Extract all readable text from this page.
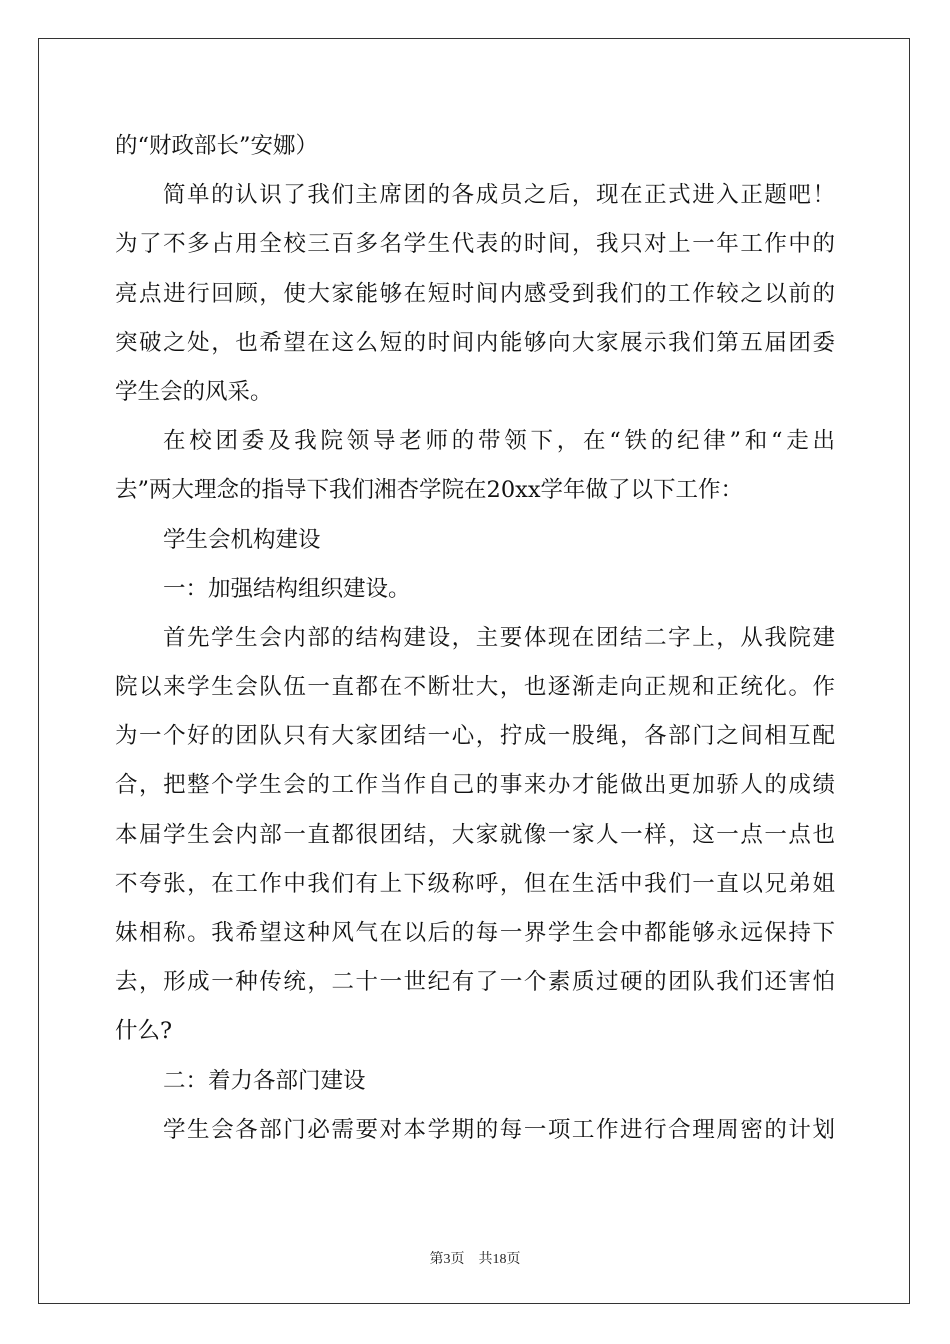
的“财政部长”安娜）
简单的认识了我们主席团的各成员之后，现在正式进入正题吧！
为了不多占用全校三百多名学生代表的时间，我只对上一年工作中的
亮点进行回顾，使大家能够在短时间内感受到我们的工作较之以前的
突破之处，也希望在这么短的时间内能够向大家展示我们第五届团委
学生会的风采。
在校团委及我院领导老师的带领下，在“铁的纪律”和“走出
去”两大理念的指导下我们湘杏学院在20xx学年做了以下工作：
学生会机构建设
一：加强结构组织建设。
首先学生会内部的结构建设，主要体现在团结二字上，从我院建
院以来学生会队伍一直都在不断壮大，也逐渐走向正规和正统化。作
为一个好的团队只有大家团结一心，拧成一股绳，各部门之间相互配
合，把整个学生会的工作当作自己的事来办才能做出更加骄人的成绩
本届学生会内部一直都很团结，大家就像一家人一样，这一点一点也
不夸张，在工作中我们有上下级称呼，但在生活中我们一直以兄弟姐
妹相称。我希望这种风气在以后的每一界学生会中都能够永远保持下
去，形成一种传统，二十一世纪有了一个素质过硬的团队我们还害怕
什么?
二：着力各部门建设
学生会各部门必需要对本学期的每一项工作进行合理周密的计划
第3页 共18页
